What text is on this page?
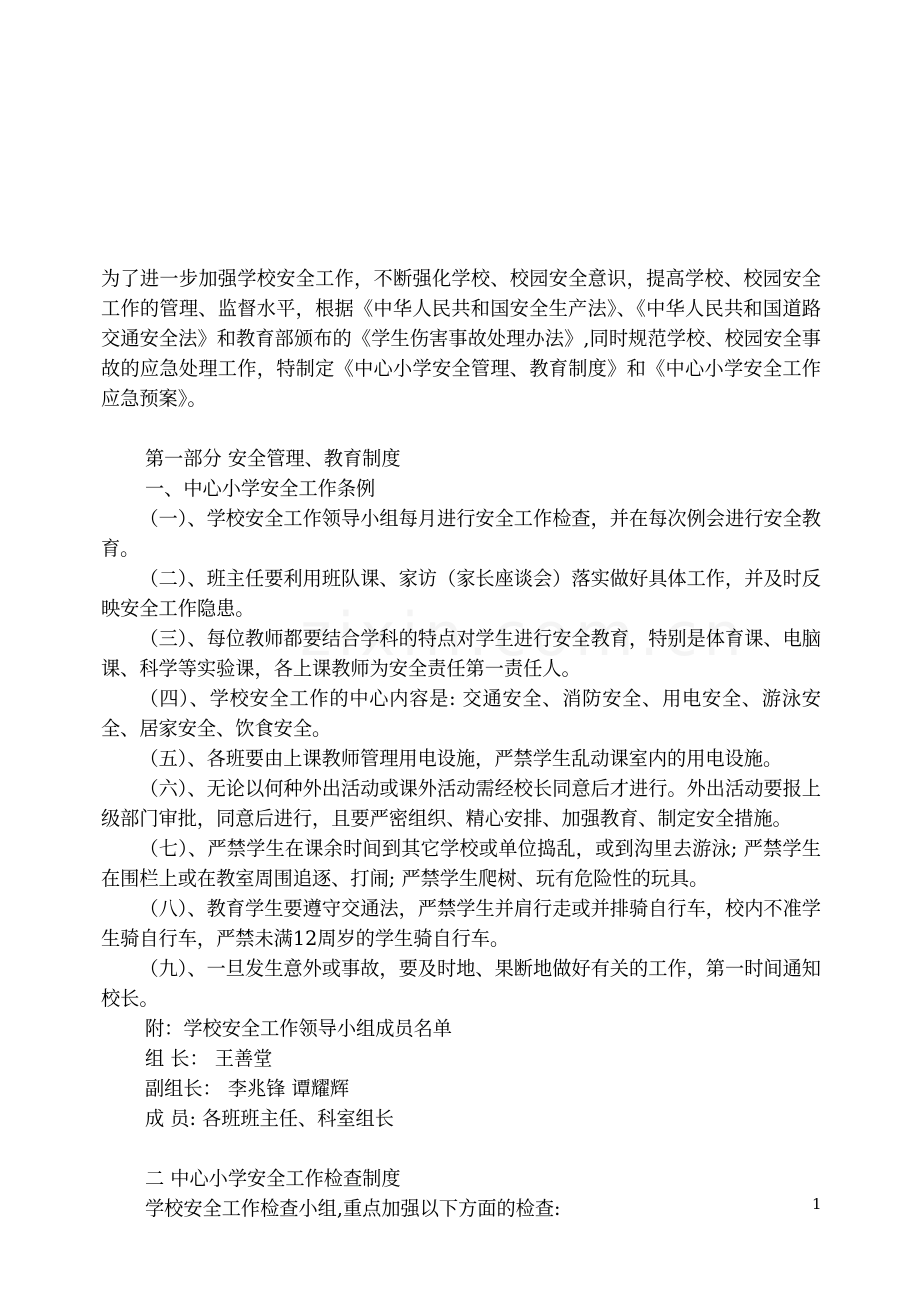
为了进一步加强学校安全工作，不断强化学校、校园安全意识，提高学校、校园安全工作的管理、监督水平，根据《中华人民共和国安全生产法》、《中华人民共和国道路交通安全法》和教育部颁布的《学生伤害事故处理办法》,同时规范学校、校园安全事故的应急处理工作，特制定《中心小学安全管理、教育制度》和《中心小学安全工作应急预案》。

第一部分 安全管理、教育制度

一、中心小学安全工作条例

（一）、学校安全工作领导小组每月进行安全工作检查，并在每次例会进行安全教育。

（二）、班主任要利用班队课、家访（家长座谈会）落实做好具体工作，并及时反映安全工作隐患。

（三）、每位教师都要结合学科的特点对学生进行安全教育，特别是体育课、电脑课、科学等实验课，各上课教师为安全责任第一责任人。

（四）、学校安全工作的中心内容是: 交通安全、消防安全、用电安全、游泳安全、居家安全、饮食安全。

（五）、各班要由上课教师管理用电设施，严禁学生乱动课室内的用电设施。

（六）、无论以何种外出活动或课外活动需经校长同意后才进行。外出活动要报上级部门审批，同意后进行，且要严密组织、精心安排、加强教育、制定安全措施。

（七）、严禁学生在课余时间到其它学校或单位捣乱，或到沟里去游泳; 严禁学生在围栏上或在教室周围追逐、打闹; 严禁学生爬树、玩有危险性的玩具。

（八）、教育学生要遵守交通法，严禁学生并肩行走或并排骑自行车，校内不准学生骑自行车，严禁未满12周岁的学生骑自行车。

（九）、一旦发生意外或事故，要及时地、果断地做好有关的工作，第一时间通知校长。

附：学校安全工作领导小组成员名单

组 长： 王善堂

副组长： 李兆锋 谭耀辉

成 员: 各班班主任、科室组长

二 中心小学安全工作检查制度

学校安全工作检查小组,重点加强以下方面的检查:	1
